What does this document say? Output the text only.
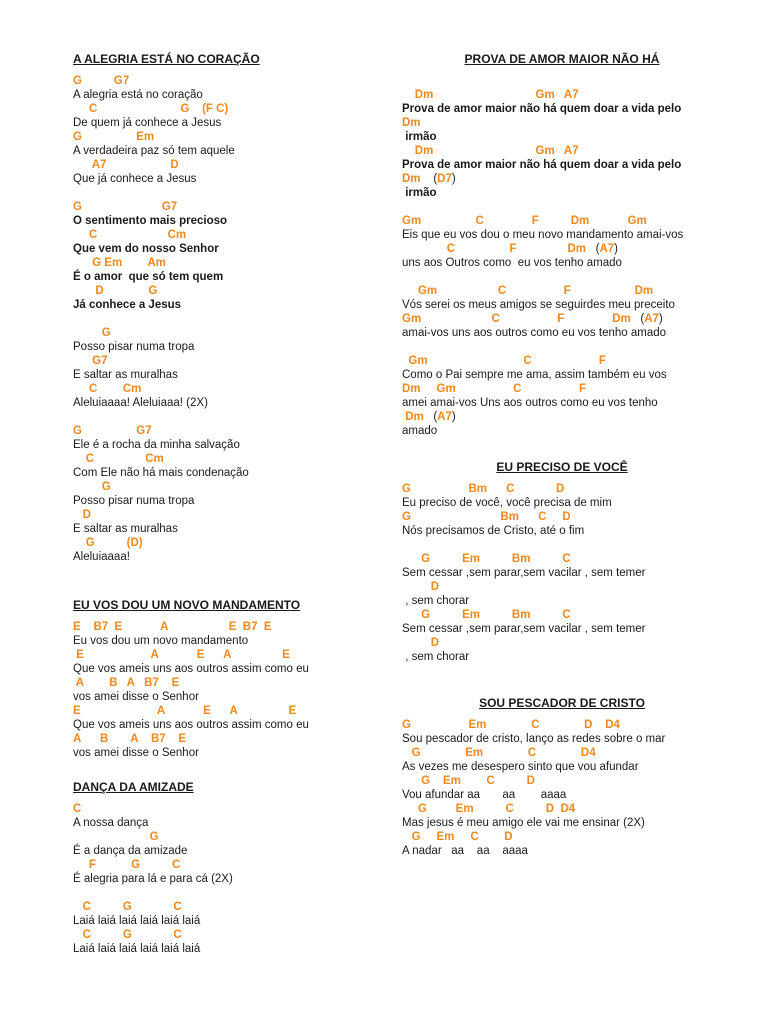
A ALEGRIA ESTÁ NO CORAÇÃO
G          G7
A alegria está no coração
C                          G    (F C)
De quem já conhece a Jesus
G                 Em
A verdadeira paz só tem aquele
A7                    D
Que já conhece a Jesus
G                         G7
O sentimento mais precioso
C                      Cm
Que vem do nosso Senhor
G Em        Am
É o amor  que só tem quem
D              G
Já conhece a Jesus
G
Posso pisar numa tropa
G7
E saltar as muralhas
C        Cm
Aleluiaaaa! Aleluiaaa! (2X)
G                 G7
Ele é a rocha da minha salvação
C                Cm
Com Ele não há mais condenação
G
Posso pisar numa tropa
D
E saltar as muralhas
G          (D)
Aleluiaaaa!
EU VOS DOU UM NOVO MANDAMENTO
E    B7  E            A                   E  B7  E
Eu vos dou um novo mandamento
E                     A            E      A                E
Que vos ameis uns aos outros assim como eu
A        B   A   B7    E
vos amei disse o Senhor
E                        A            E      A                E
Que vos ameis uns aos outros assim como eu
A      B       A    B7    E
vos amei disse o Senhor
DANÇA DA AMIZADE
C
A nossa dança
G
É a dança da amizade
F           G          C
É alegria para lá e para cá (2X)
C          G             C
Laiá laiá laiá laiá laiá laiá
C          G             C
Laiá laiá laiá laiá laiá laiá
PROVA DE AMOR MAIOR NÃO HÁ
Dm                                Gm   A7
Prova de amor maior não há quem doar a vida pelo
Dm
irmão
Dm                                Gm   A7
Prova de amor maior não há quem doar a vida pelo
Dm    (D7)
irmão
Gm                 C               F          Dm            Gm
Eis que eu vos dou o meu novo mandamento amai-vos
C                 F                Dm   (A7)
uns aos Outros como  eu vos tenho amado
Gm                   C                  F                    Dm
Vós serei os meus amigos se seguirdes meu preceito
Gm                      C                  F               Dm   (A7)
amai-vos uns aos outros como eu vos tenho amado
Gm                              C                     F
Como o Pai sempre me ama, assim também eu vos
Dm     Gm                  C                  F
amei amai-vos Uns aos outros como eu vos tenho
Dm   (A7)
amado
EU PRECISO DE VOCÊ
G                  Bm      C             D
Eu preciso de você, você precisa de mim
G                            Bm      C     D
Nós precisamos de Cristo, até o fim
G          Em          Bm          C
Sem cessar ,sem parar,sem vacilar , sem temer
D
, sem chorar
G          Em          Bm          C
Sem cessar ,sem parar,sem vacilar , sem temer
D
, sem chorar
SOU PESCADOR DE CRISTO
G                  Em              C              D    D4
Sou pescador de cristo, lanço as redes sobre o mar
G              Em              C              D4
As vezes me desespero sinto que vou afundar
G    Em        C          D
Vou afundar aa       aa        aaaa
G         Em          C          D  D4
Mas jesus é meu amigo ele vai me ensinar (2X)
G     Em     C        D
A nadar   aa    aa    aaaa
